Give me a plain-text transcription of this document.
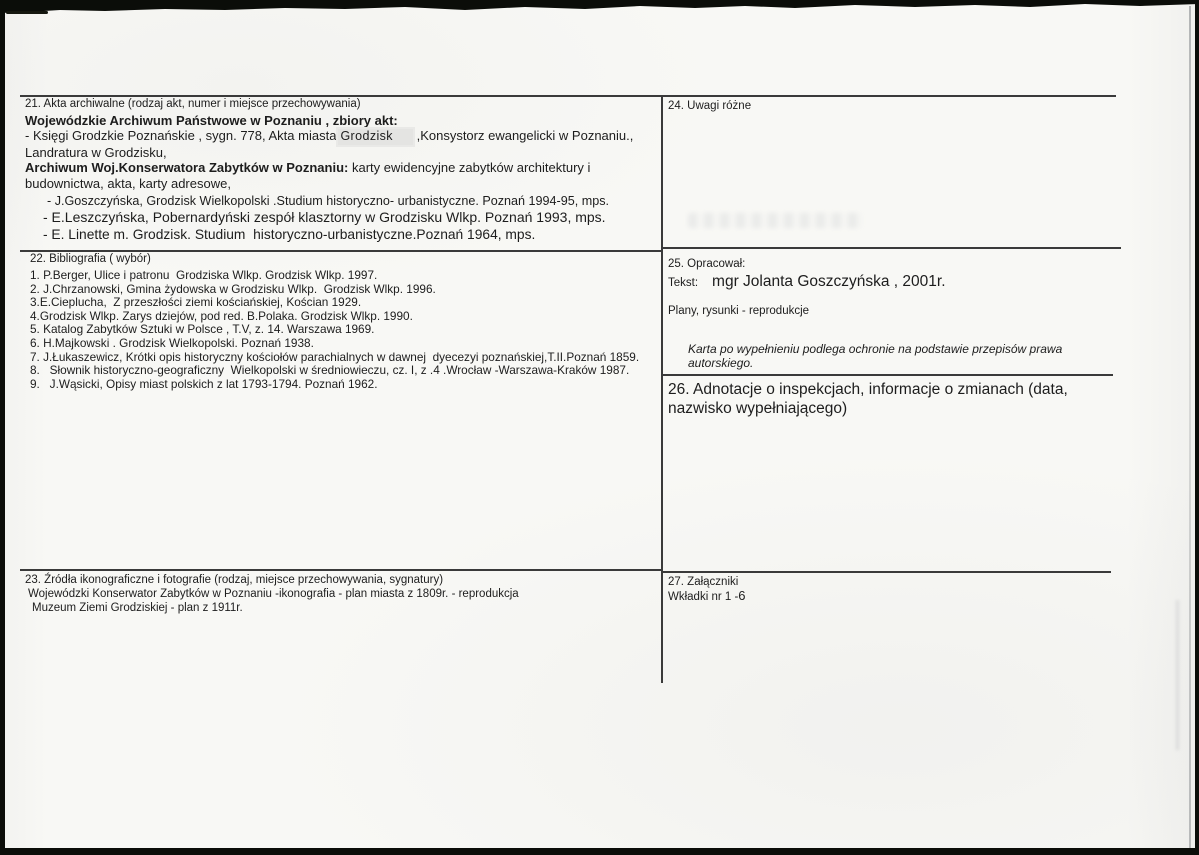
21. Akta archiwalne (rodzaj akt, numer i miejsce przechowywania)
Wojewódzkie Archiwum Państwowe w Poznaniu , zbiory akt:
- Księgi Grodzkie Poznańskie , sygn. 778, Akta miasta Grodzisk ,Konsystorz ewangelicki w Poznaniu.,
Landratura w Grodzisku,
Archiwum Woj.Konserwatora Zabytków w Poznaniu: karty ewidencyjne zabytków architektury i
budownictwa, akta, karty adresowe,
- J.Goszczyńska, Grodzisk Wielkopolski .Studium historyczno- urbanistyczne. Poznań 1994-95, mps.
- E.Leszczyńska, Pobernardyński zespół klasztorny w Grodzisku Wlkp. Poznań 1993, mps.
- E. Linette m. Grodzisk. Studium  historyczno-urbanistyczne.Poznań 1964, mps.
22. Bibliografia ( wybór)
1. P.Berger, Ulice i patronu  Grodziska Wlkp. Grodzisk Wlkp. 1997.
2. J.Chrzanowski, Gmina żydowska w Grodzisku Wlkp.  Grodzisk Wlkp. 1996.
3.E.Cieplucha,  Z przeszłości ziemi kościańskiej, Kościan 1929.
4.Grodzisk Wlkp. Zarys dziejów, pod red. B.Polaka. Grodzisk Wlkp. 1990.
5. Katalog Zabytków Sztuki w Polsce , T.V, z. 14. Warszawa 1969.
6. H.Majkowski . Grodzisk Wielkopolski. Poznań 1938.
7. J.Łukaszewicz, Krótki opis historyczny kościołów parachialnych w dawnej  dyecezyi poznańskiej,T.II.Poznań 1859.
8.   Słownik historyczno-geograficzny  Wielkopolski w średniowieczu, cz. I, z .4 .Wrocław -Warszawa-Kraków 1987.
9.   J.Wąsicki, Opisy miast polskich z lat 1793-1794. Poznań 1962.
23. Źródła ikonograficzne i fotografie (rodzaj, miejsce przechowywania, sygnatury)
Wojewódzki Konserwator Zabytków w Poznaniu -ikonografia - plan miasta z 1809r. - reprodukcja
Muzeum Ziemi Grodziskiej - plan z 1911r.
24. Uwagi różne
25. Opracował:
Tekst: mgr Jolanta Goszczyńska , 2001r.
Plany, rysunki - reprodukcje
Karta po wypełnieniu podlega ochronie na podstawie przepisów prawa autorskiego.
26. Adnotacje o inspekcjach, informacje o zmianach (data, nazwisko wypełniającego)
27. Załączniki
Wkładki nr 1 -6
